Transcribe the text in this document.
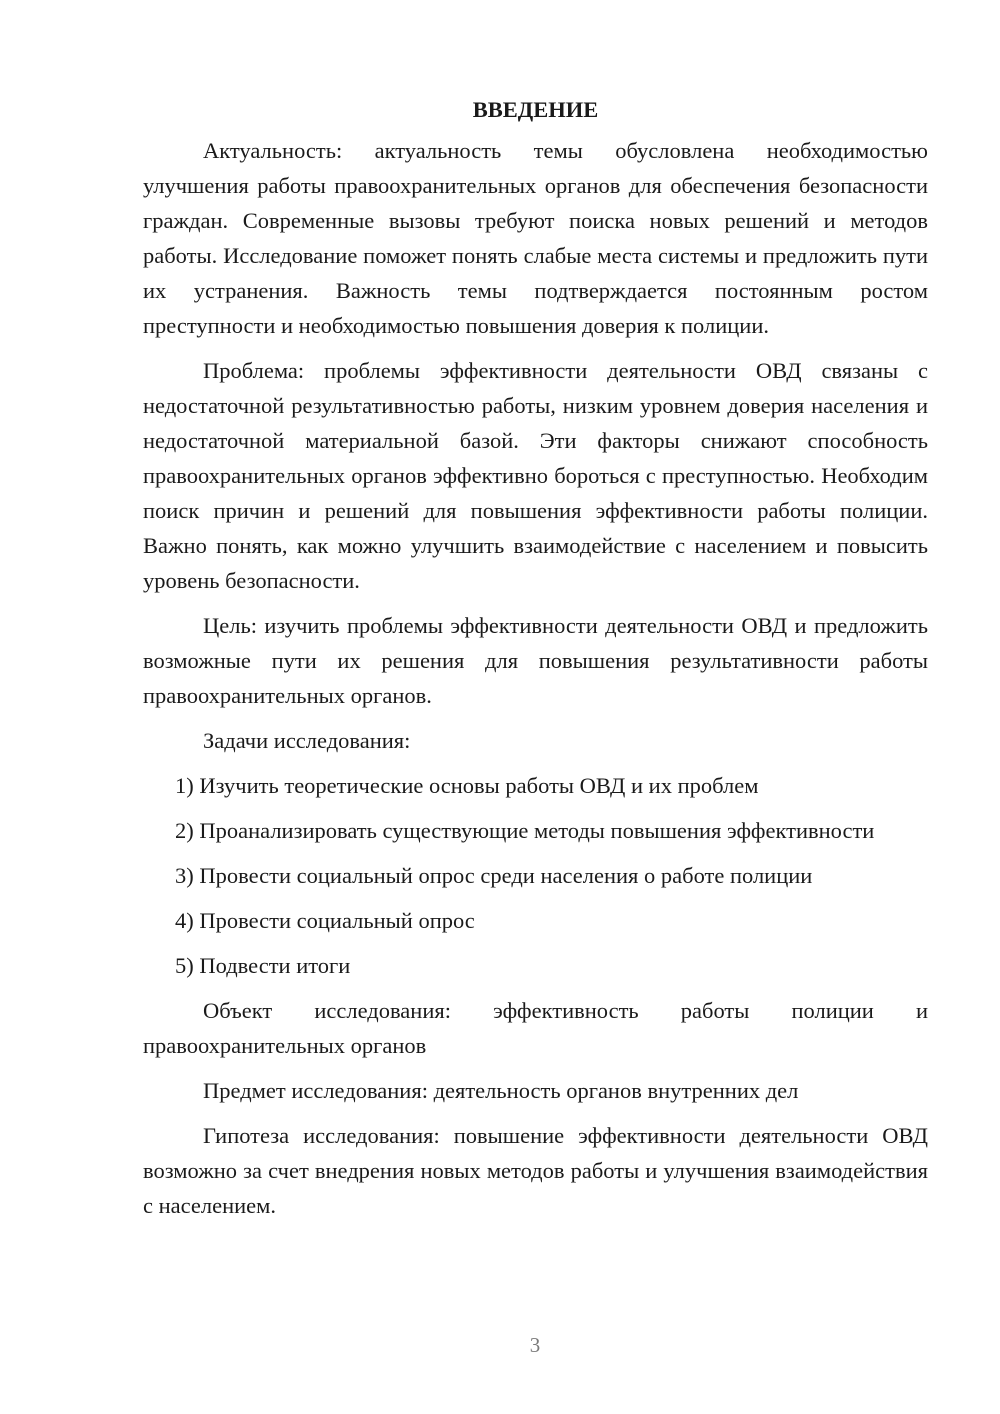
ВВЕДЕНИЕ

Актуальность: актуальность темы обусловлена необходимостью улучшения работы правоохранительных органов для обеспечения безопасности граждан. Современные вызовы требуют поиска новых решений и методов работы. Исследование поможет понять слабые места системы и предложить пути их устранения. Важность темы подтверждается постоянным ростом преступности и необходимостью повышения доверия к полиции.

Проблема: проблемы эффективности деятельности ОВД связаны с недостаточной результативностью работы, низким уровнем доверия населения и недостаточной материальной базой. Эти факторы снижают способность правоохранительных органов эффективно бороться с преступностью. Необходим поиск причин и решений для повышения эффективности работы полиции. Важно понять, как можно улучшить взаимодействие с населением и повысить уровень безопасности.

Цель: изучить проблемы эффективности деятельности ОВД и предложить возможные пути их решения для повышения результативности работы правоохранительных органов.

Задачи исследования:

1) Изучить теоретические основы работы ОВД и их проблем

2) Проанализировать существующие методы повышения эффективности

3) Провести социальный опрос среди населения о работе полиции

4) Провести социальный опрос

5) Подвести итоги

Объект исследования: эффективность работы полиции и правоохранительных органов

Предмет исследования: деятельность органов внутренних дел

Гипотеза исследования: повышение эффективности деятельности ОВД возможно за счет внедрения новых методов работы и улучшения взаимодействия с населением.

3
